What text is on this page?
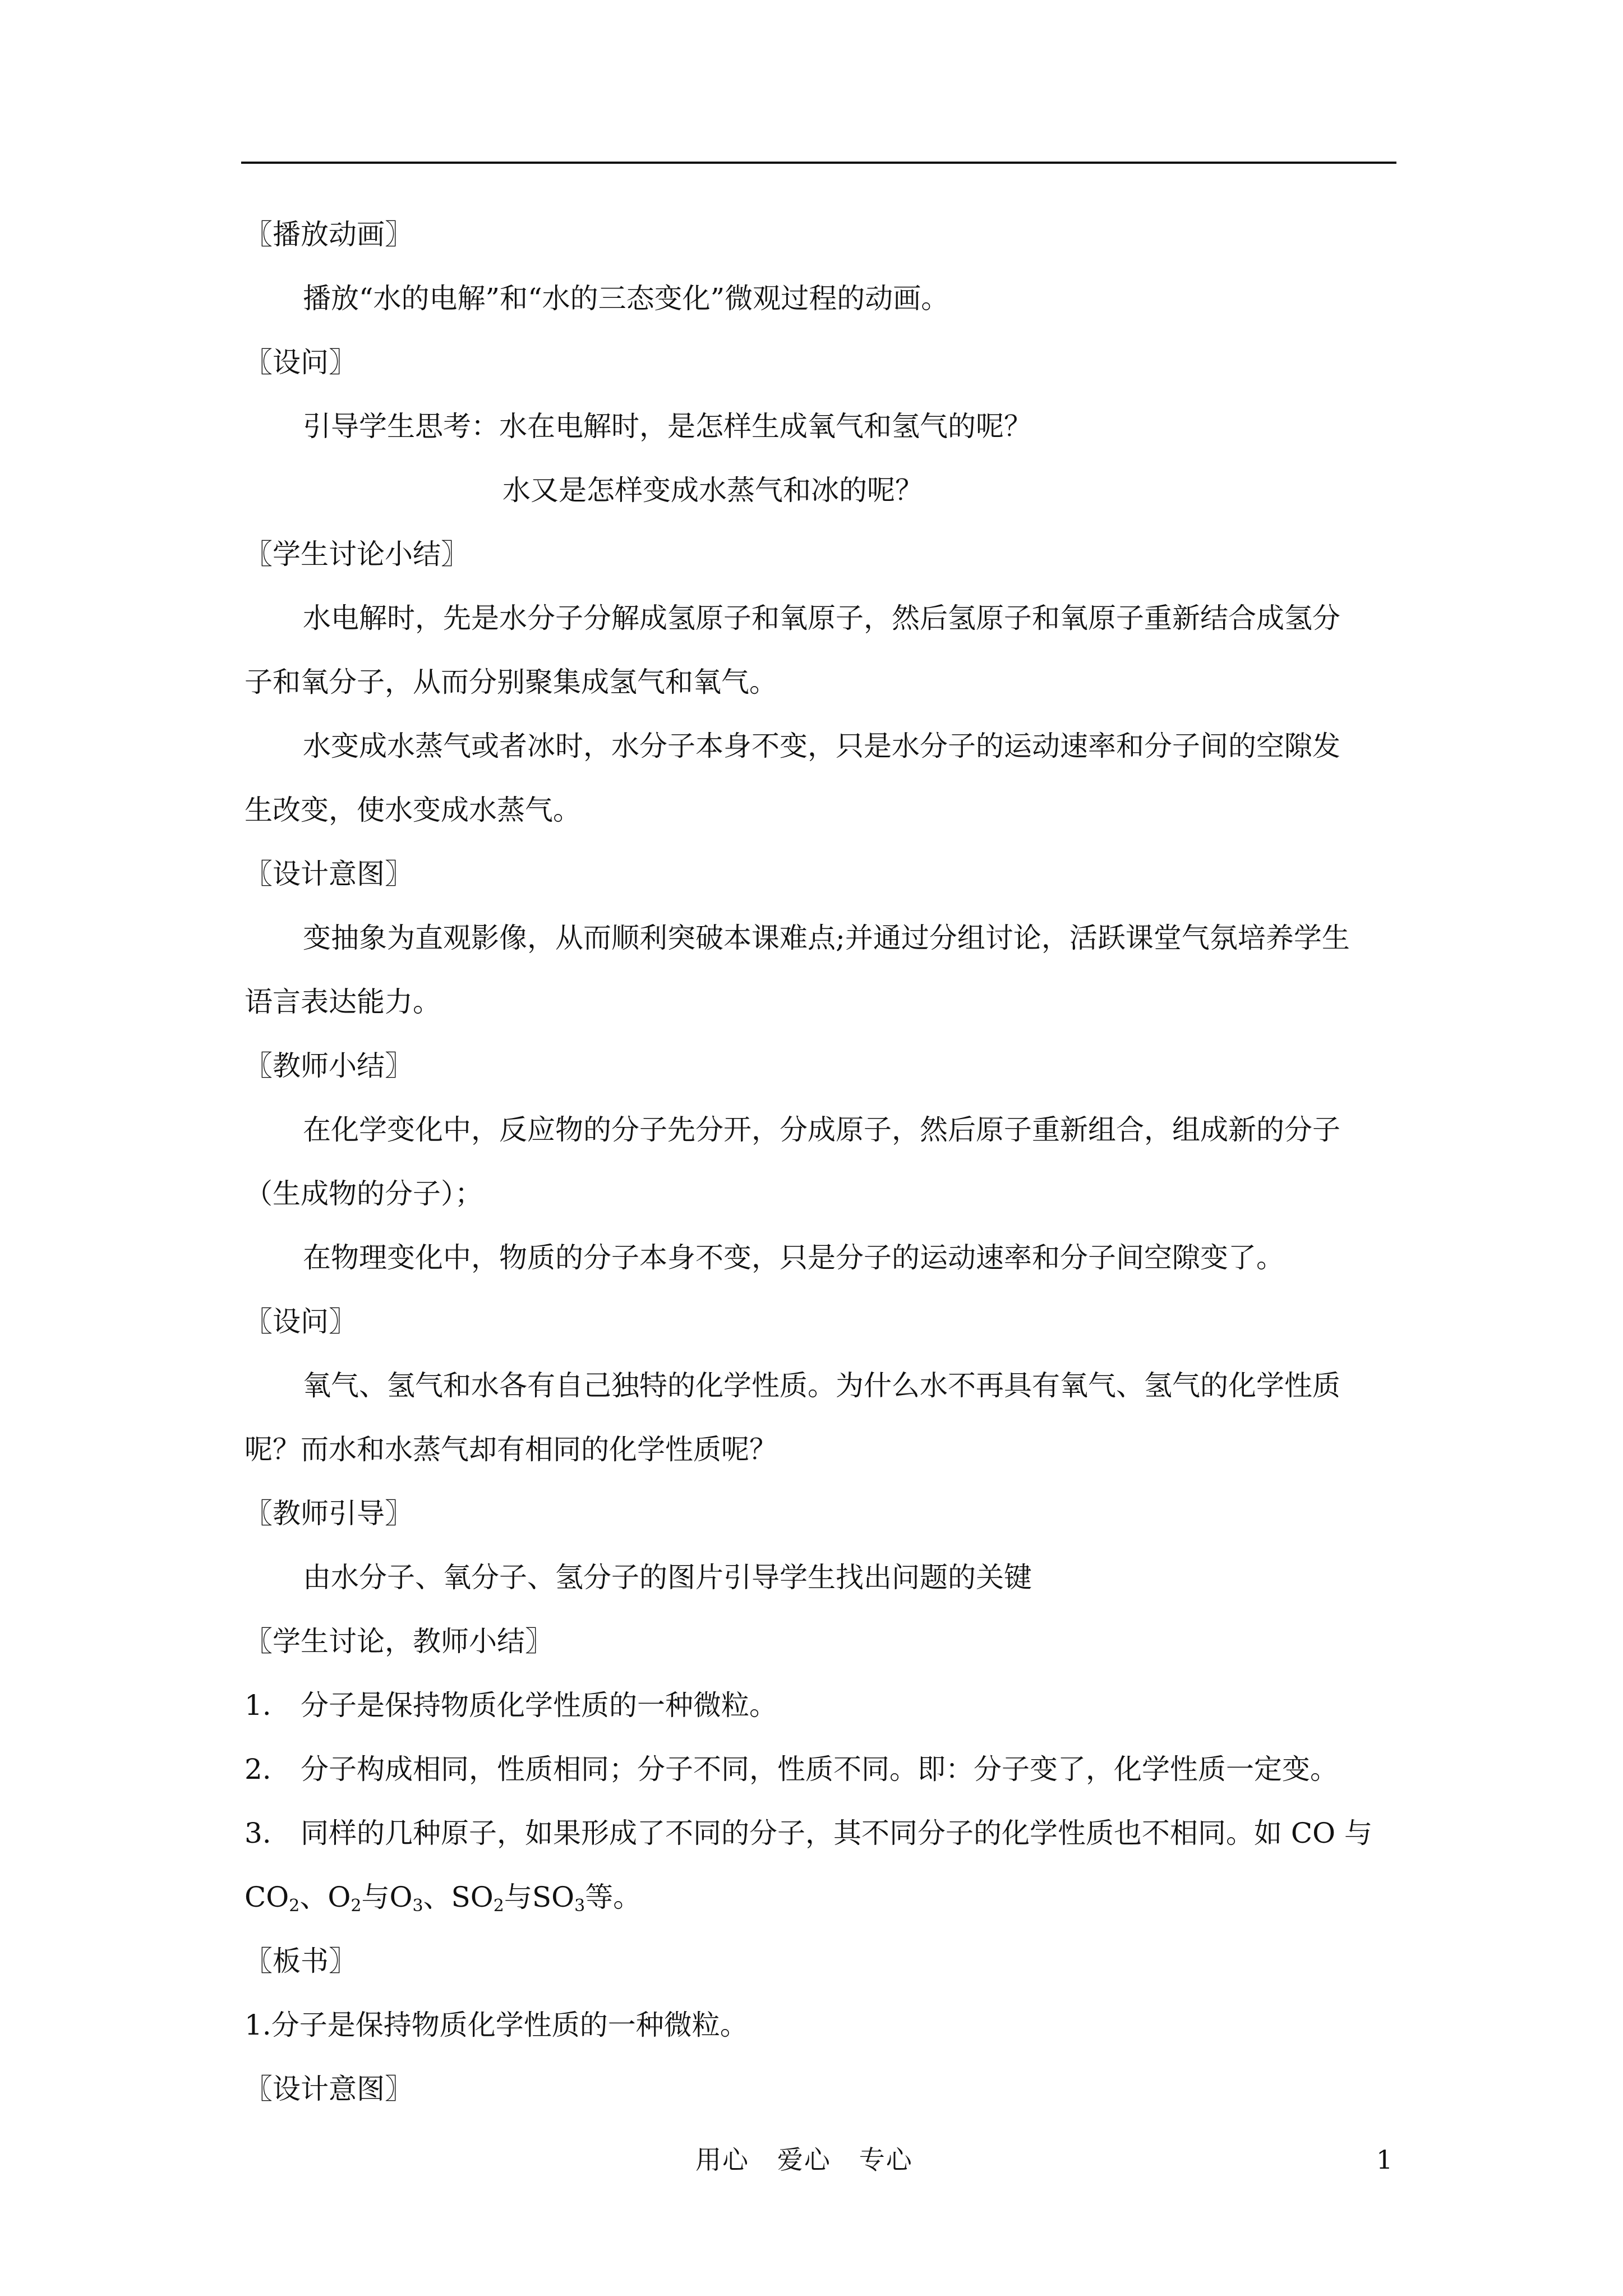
〖播放动画〗
播放“水的电解”和“水的三态变化”微观过程的动画。
〖设问〗
引导学生思考：水在电解时，是怎样生成氧气和氢气的呢？
水又是怎样变成水蒸气和冰的呢？
〖学生讨论小结〗
水电解时，先是水分子分解成氢原子和氧原子，然后氢原子和氧原子重新结合成氢分
子和氧分子，从而分别聚集成氢气和氧气。
水变成水蒸气或者冰时，水分子本身不变，只是水分子的运动速率和分子间的空隙发
生改变，使水变成水蒸气。
〖设计意图〗
变抽象为直观影像，从而顺利突破本课难点;并通过分组讨论，活跃课堂气氛培养学生
语言表达能力。
〖教师小结〗
在化学变化中，反应物的分子先分开，分成原子，然后原子重新组合，组成新的分子
（生成物的分子）；
在物理变化中，物质的分子本身不变，只是分子的运动速率和分子间空隙变了。
〖设问〗
氧气、氢气和水各有自己独特的化学性质。为什么水不再具有氧气、氢气的化学性质
呢？而水和水蒸气却有相同的化学性质呢？
〖教师引导〗
由水分子、氧分子、氢分子的图片引导学生找出问题的关键
〖学生讨论，教师小结〗
1. 分子是保持物质化学性质的一种微粒。
2. 分子构成相同，性质相同；分子不同，性质不同。即：分子变了，化学性质一定变。
3. 同样的几种原子，如果形成了不同的分子，其不同分子的化学性质也不相同。如 CO 与
$CO_2$、$O_2$与$O_3$、$SO_2$与$SO_3$等。
〖板书〗
1.分子是保持物质化学性质的一种微粒。
〖设计意图〗
用心   爱心   专心	1
